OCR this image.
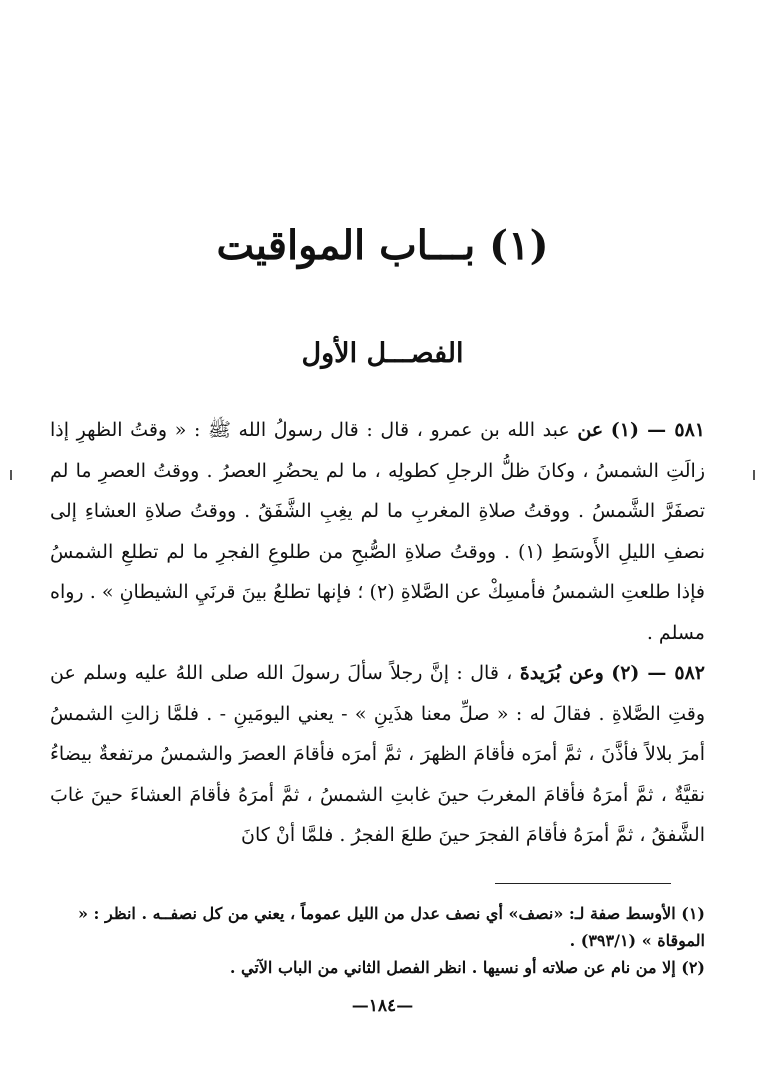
(١) بـــاب المواقيت
الفصـــل الأول

٥٨١ — (١) عن عبد الله بن عمرو ، قال : قال رسولُ الله ﷺ : « وقتُ الظهرِ إذا زالَتِ الشمسُ ، وكانَ ظلُّ الرجلِ كطولِه ، ما لم يحضُرِ العصرُ . ووقتُ العصرِ ما لم تصفَرَّ الشَّمسُ . ووقتُ صلاةِ المغربِ ما لم يغِبِ الشَّفَقُ . ووقتُ صلاةِ العشاءِ إلى نصفِ الليلِ الأَوسَطِ (١) . ووقتُ صلاةِ الصُّبحِ من طلوعِ الفجرِ ما لم تطلعِ الشمسُ فإذا طلعتِ الشمسُ فأمسِكْ عن الصَّلاةِ (٢) ؛ فإنها تطلعُ بينَ قرنَيِ الشيطانِ » . رواه مسلم .

٥٨٢ — (٢) وعن بُرَيدةَ ، قال : إنَّ رجلاً سألَ رسولَ الله صلى اللهُ عليه وسلم عن وقتِ الصَّلاةِ . فقالَ له : « صلِّ معنا هذَينِ » - يعني اليومَينِ - . فلمَّا زالتِ الشمسُ أمرَ بلالاً فأذَّنَ ، ثمَّ أمرَه فأقامَ الظهرَ ، ثمَّ أمرَه فأقامَ العصرَ والشمسُ مرتفعةٌ بيضاءُ نقيَّةٌ ، ثمَّ أمرَهُ فأقامَ المغربَ حينَ غابتِ الشمسُ ، ثمَّ أمرَهُ فأقامَ العشاءَ حينَ غابَ الشَّفقُ ، ثمَّ أمرَهُ فأقامَ الفجرَ حينَ طلعَ الفجرُ . فلمَّا أنْ كانَ

(١) الأوسط صفة لـ: «نصف» أي نصف عدل من الليل عموماً ، يعني من كل نصفــه . انظر : « الموقاة » (٣٩٣/١) .

(٢) إلا من نام عن صلاته أو نسيها . انظر الفصل الثاني من الباب الآتي .

—١٨٤—
